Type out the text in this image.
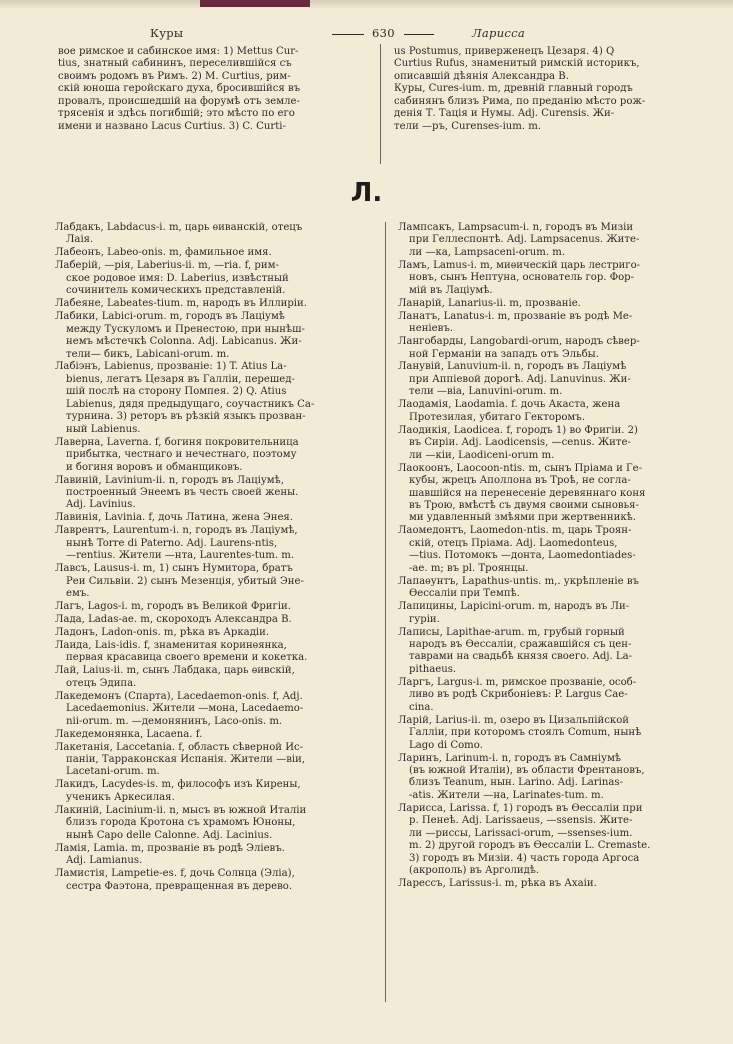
Куры	630	Ларисса
вое римское и сабинское имя: 1) Mettus Cur-
tius, знатный сабининъ, переселившійся съ
своимъ родомъ въ Римъ. 2) M. Curtius, рим-
скій юноша геройскаго духа, бросившійся въ
провалъ, происшедшій на форумѣ отъ земле-
трясенія и здѣсь погибшій; это мѣсто по его
имени и названо Lacus Curtius. 3) C. Curti-
us Postumus, приверженецъ Цезаря. 4) Q
Curtius Rufus, знаменитый римскій историкъ,
описавшій дѣянія Александра В.
Куры, Cures-ium. m, древній главный городъ
сабинянъ близъ Рима, по преданію мѣсто рож-
денія Т. Тація и Нумы. Adj. Curensis. Жи-
тели —ръ, Curenses-ium. m.
Л.
Лабдакъ, Labdacus-i. m, царь ѳиванскій, отецъ
Лаія.
Лабеонъ, Labeo-onis. m, фамильное имя.
Лаберій, —рія, Laberius-ii. m, —ria. f, рим-
ское родовое имя: D. Laberius, извѣстный
сочинитель комическихъ представленій.
Лабеяне, Labeates-tium. m, народъ въ Иллиріи.
Лабики, Labici-orum. m, городъ въ Лаціумѣ
между Тускуломъ и Пренестою, при нынѣш-
немъ мѣстечкѣ Colonna. Adj. Labicanus. Жи-
тели— бикъ, Labicani-orum. m.
Лабіэнъ, Labienus, прозваніе: 1) T. Atius La-
bienus, легатъ Цезаря въ Галліи, перешед-
шій послѣ на сторону Помпея. 2) Q. Atius
Labienus, дядя предыдущаго, соучастникъ Са-
турнина. 3) реторъ въ рѣзкій языкъ прозван-
ный Labienus.
Лаверна, Laverna. f, богиня покровительница
прибытка, честнаго и нечестнаго, поэтому
и богиня воровъ и обманщиковъ.
Лавиній, Lavinium-ii. n, городъ въ Лаціумѣ,
построенный Энеемъ въ честь своей жены.
Adj. Lavinius.
Лавинія, Lavinia. f, дочь Латина, жена Энея.
Лаврентъ, Laurentum-i. n, городъ въ Лаціумѣ,
нынѣ Torre di Paterno. Adj. Laurens-ntis,
—rentius. Жители —нта, Laurentes-tum. m.
Лавсъ, Lausus-i. m, 1) сынъ Нумитора, братъ
Реи Сильвіи. 2) сынъ Мезенція, убитый Эне-
емъ.
Лагъ, Lagos-i. m, городъ въ Великой Фригіи.
Лада, Ladas-ae. m, скороходъ Александра В.
Ладонъ, Ladon-onis. m, рѣка въ Аркадіи.
Лаида, Lais-idis. f, знаменитая коринѳянка,
первая красавица своего времени и кокетка.
Лай, Laius-ii. m, сынъ Лабдака, царь ѳивскій,
отецъ Эдипа.
Лакедемонъ (Спарта), Lacedaemon-onis. f, Adj.
Lacedaemonius. Жители —мона, Lacedaemo-
nii-orum. m. —демонянинъ, Laco-onis. m.
Лакедемонянка, Lacaena. f.
Лакетанія, Laccetania. f, область сѣверной Ис-
паніи, Тарраконская Испанія. Жители —віи,
Lacetani-orum. m.
Лакидъ, Lacydes-is. m, философъ изъ Кирены,
ученикъ Аркесилая.
Лакиній, Lacinium-ii. n, мысъ въ южной Италіи
близъ города Кротона съ храмомъ Юноны,
нынѣ Capo delle Calonne. Adj. Lacinius.
Ламія, Lamia. m, прозваніе въ родѣ Эліевъ.
Adj. Lamianus.
Ламистія, Lampetie-es. f, дочь Солнца (Эліа),
сестра Фаэтона, превращенная въ дерево.
Лампсакъ, Lampsacum-i. n, городъ въ Мизіи
при Геллеспонтѣ. Adj. Lampsacenus. Жите-
ли —ка, Lampsaceni-orum. m.
Ламъ, Lamus-i. m, миѳическій царь лестриго-
новъ, сынъ Нептуна, основатель гор. Фор-
мій въ Лаціумѣ.
Ланарій, Lanarius-ii. m, прозваніе.
Ланатъ, Lanatus-i. m, прозваніе въ родѣ Ме-
неніевъ.
Лангобарды, Langobardi-orum, народъ сѣвер-
ной Германіи на западъ отъ Эльбы.
Ланувій, Lanuvium-ii. n, городъ въ Лаціумѣ
при Аппіевой дорогѣ. Adj. Lanuvinus. Жи-
тели —віа, Lanuvini-orum. m.
Лаодамія, Laodamia. f. дочь Акаста, жена
Протезилая, убитаго Гекторомъ.
Лаодикія, Laodicea. f, городъ 1) во Фригіи. 2)
въ Сиріи. Adj. Laodicensis, —cenus. Жите-
ли —кіи, Laodiceni-orum m.
Лаокоонъ, Laocoon-ntis. m, сынъ Пріама и Ге-
кубы, жрецъ Аполлона въ Троѣ, не согла-
шавшійся на перенесеніе деревяннаго коня
въ Трою, вмѣстѣ съ двумя своими сыновья-
ми удавленный змѣями при жертвенникѣ.
Лаомедонтъ, Laomedon-ntis. m, царь Троян-
скій, отецъ Пріама. Adj. Laomedonteus,
—tius. Потомокъ —донта, Laomedontiades-
-ae. m; въ pl. Троянцы.
Лапаѳунтъ, Lapathus-untis. m,. укрѣпленіе въ
Ѳессаліи при Темпѣ.
Лапицины, Lapicini-orum. m, народъ въ Ли-
гуріи.
Лаписы, Lapithae-arum. m, грубый горный
народъ въ Ѳессаліи, сражавшійся съ цен-
таврами на свадьбѣ князя своего. Adj. La-
pithaeus.
Ларгъ, Largus-i. m, римское прозваніе, особ-
ливо въ родѣ Скрибоніевъ: P. Largus Cae-
cina.
Ларій, Larius-ii. m, озеро въ Цизальпійской
Галліи, при которомъ стоялъ Comum, нынѣ
Lago di Como.
Ларинъ, Larinum-i. n, городъ въ Самніумѣ
(въ южной Италіи), въ области Френтановъ,
близъ Teanum, нын. Larino. Adj. Larinas-
-atis. Жители —на, Larinates-tum. m.
Ларисса, Larissa. f, 1) городъ въ Ѳессаліи при
р. Пенеѣ. Adj. Larissaeus, —ssensis. Жите-
ли —риссы, Larissaci-orum, —ssenses-ium.
m. 2) другой городъ въ Ѳессаліи L. Cremaste.
3) городъ въ Мизіи. 4) часть города Аргоса
(акрополь) въ Арголидѣ.
Ларессъ, Larissus-i. m, рѣка въ Ахаіи.
